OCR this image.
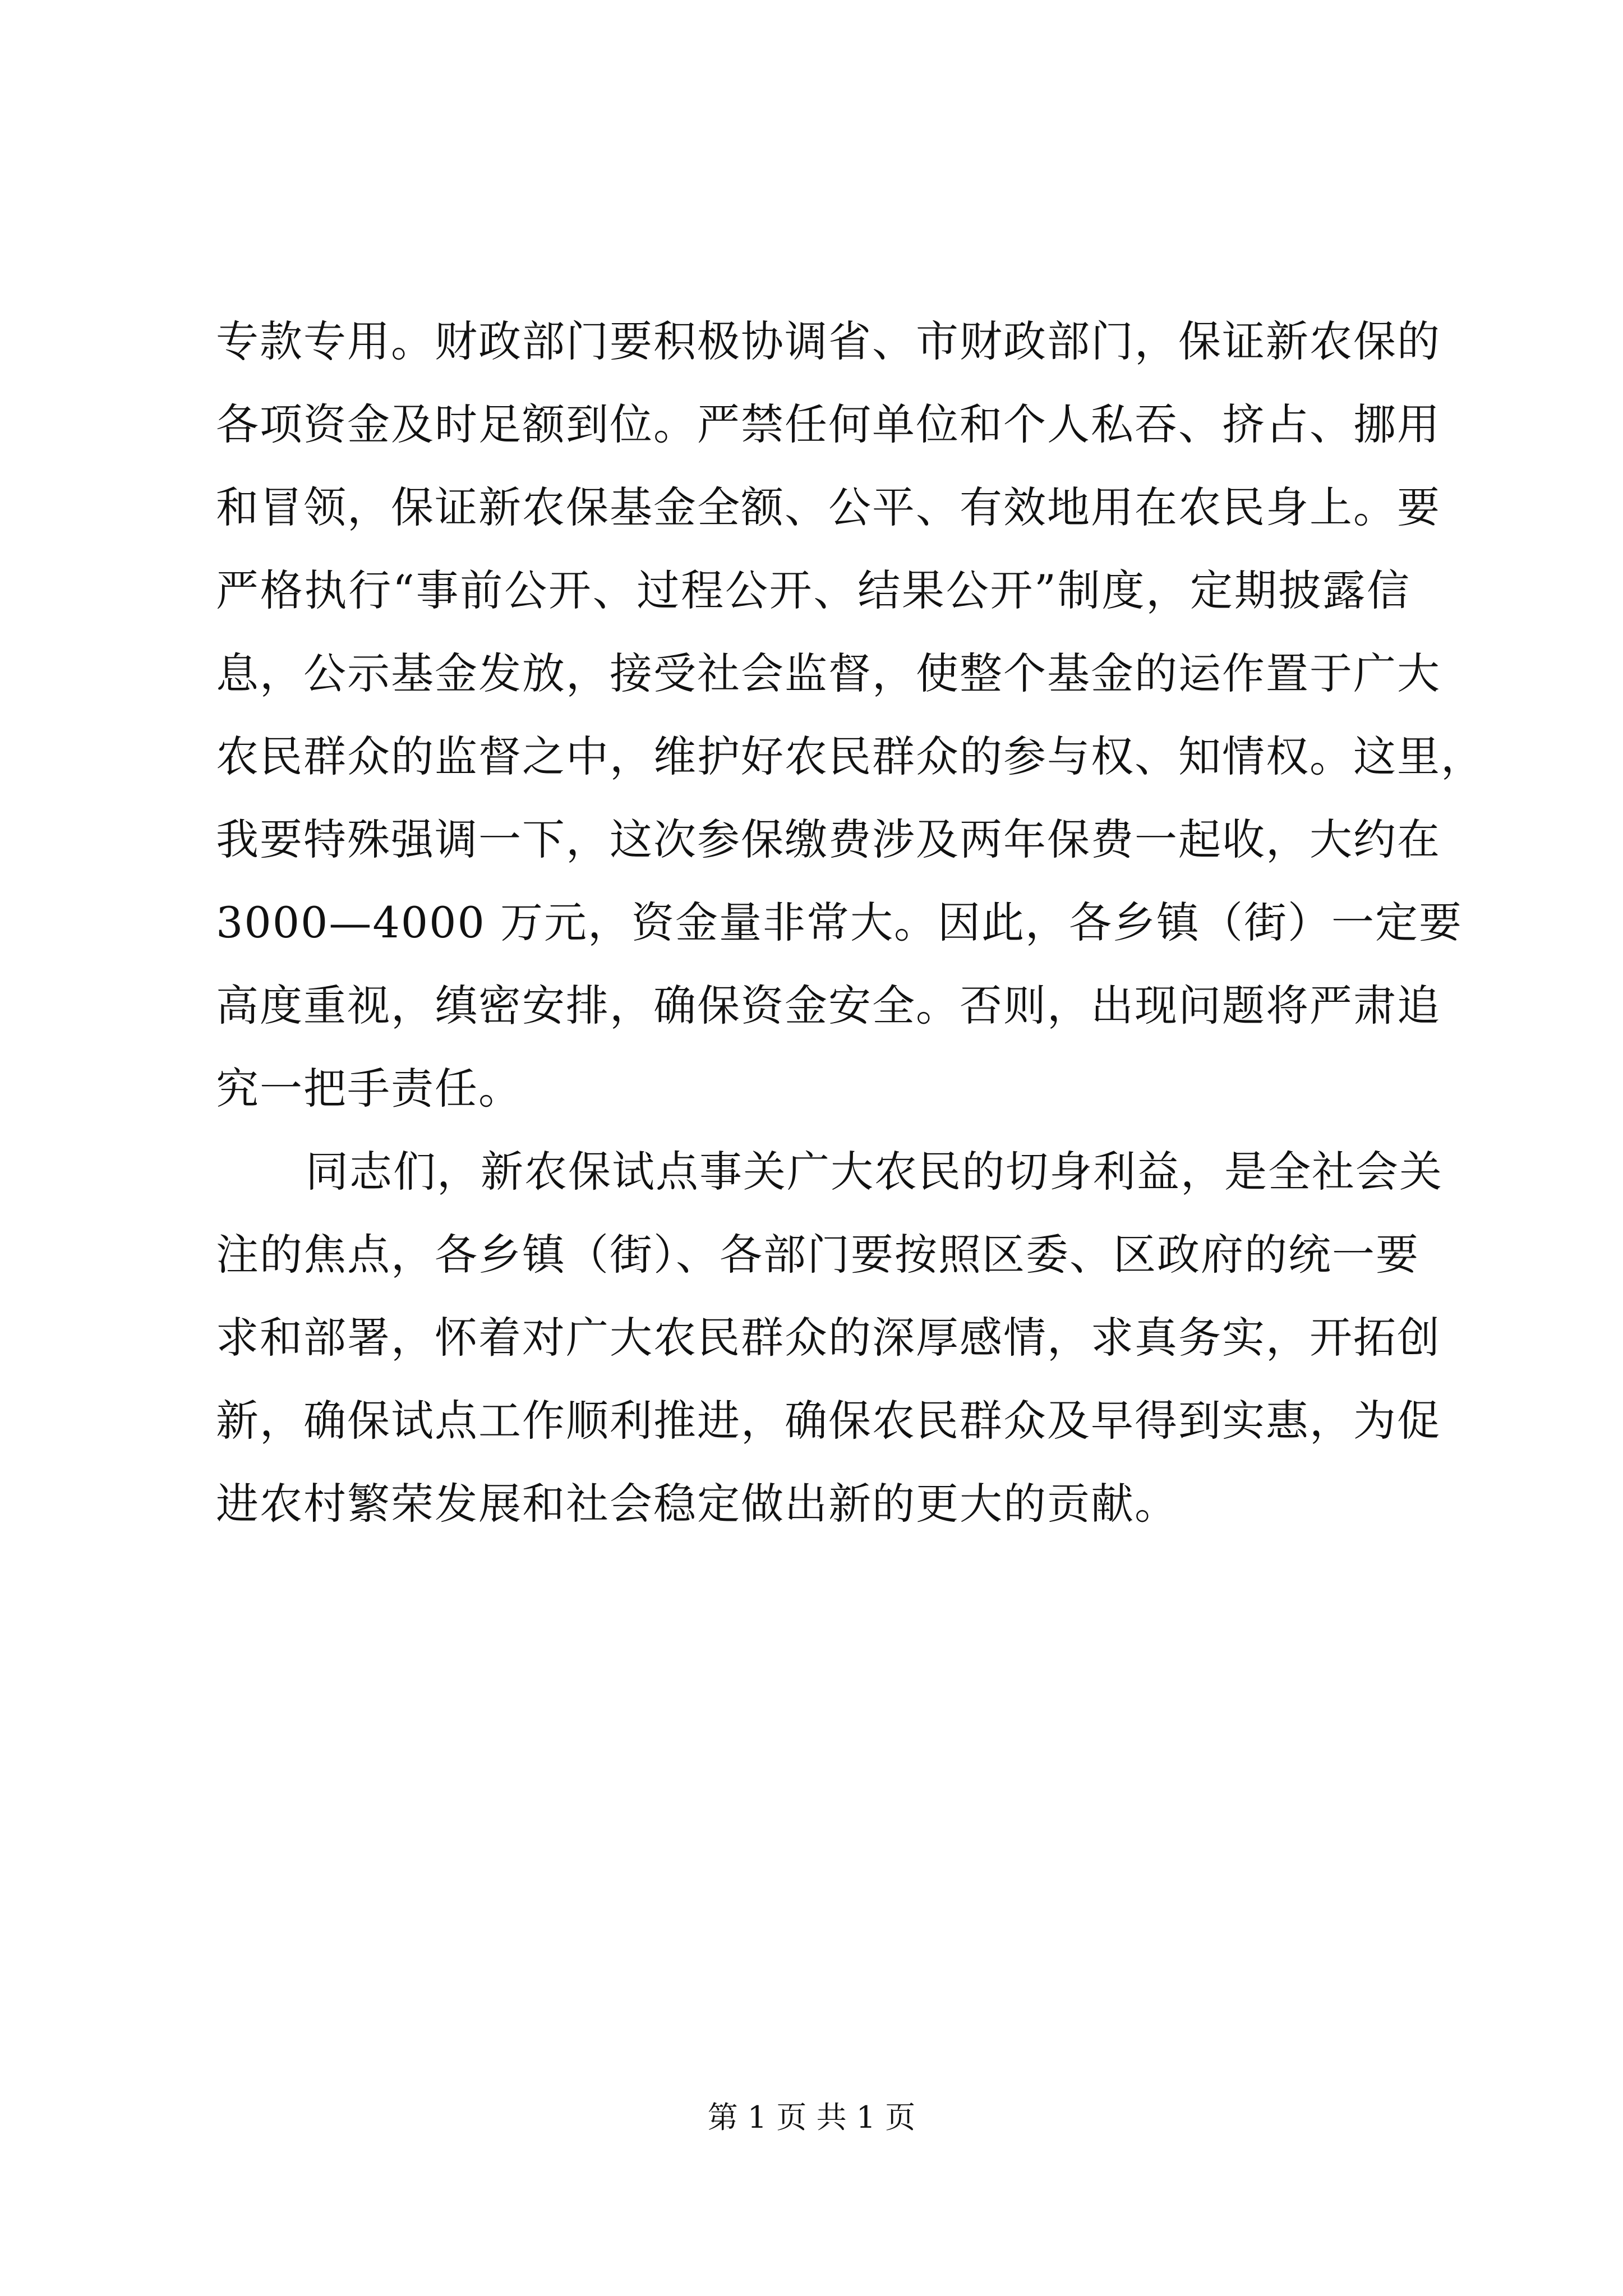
专款专用。财政部门要积极协调省、市财政部门，保证新农保的
各项资金及时足额到位。严禁任何单位和个人私吞、挤占、挪用
和冒领，保证新农保基金全额、公平、有效地用在农民身上。要
严格执行“事前公开、过程公开、结果公开”制度，定期披露信
息，公示基金发放，接受社会监督，使整个基金的运作置于广大
农民群众的监督之中，维护好农民群众的参与权、知情权。这里，
我要特殊强调一下，这次参保缴费涉及两年保费一起收，大约在
3000—4000 万元，资金量非常大。因此，各乡镇（街）一定要
高度重视，缜密安排，确保资金安全。否则，出现问题将严肃追
究一把手责任。
同志们，新农保试点事关广大农民的切身利益，是全社会关
注的焦点，各乡镇（街）、各部门要按照区委、区政府的统一要
求和部署，怀着对广大农民群众的深厚感情，求真务实，开拓创
新，确保试点工作顺利推进，确保农民群众及早得到实惠，为促
进农村繁荣发展和社会稳定做出新的更大的贡献。
第 1 页 共 1 页
